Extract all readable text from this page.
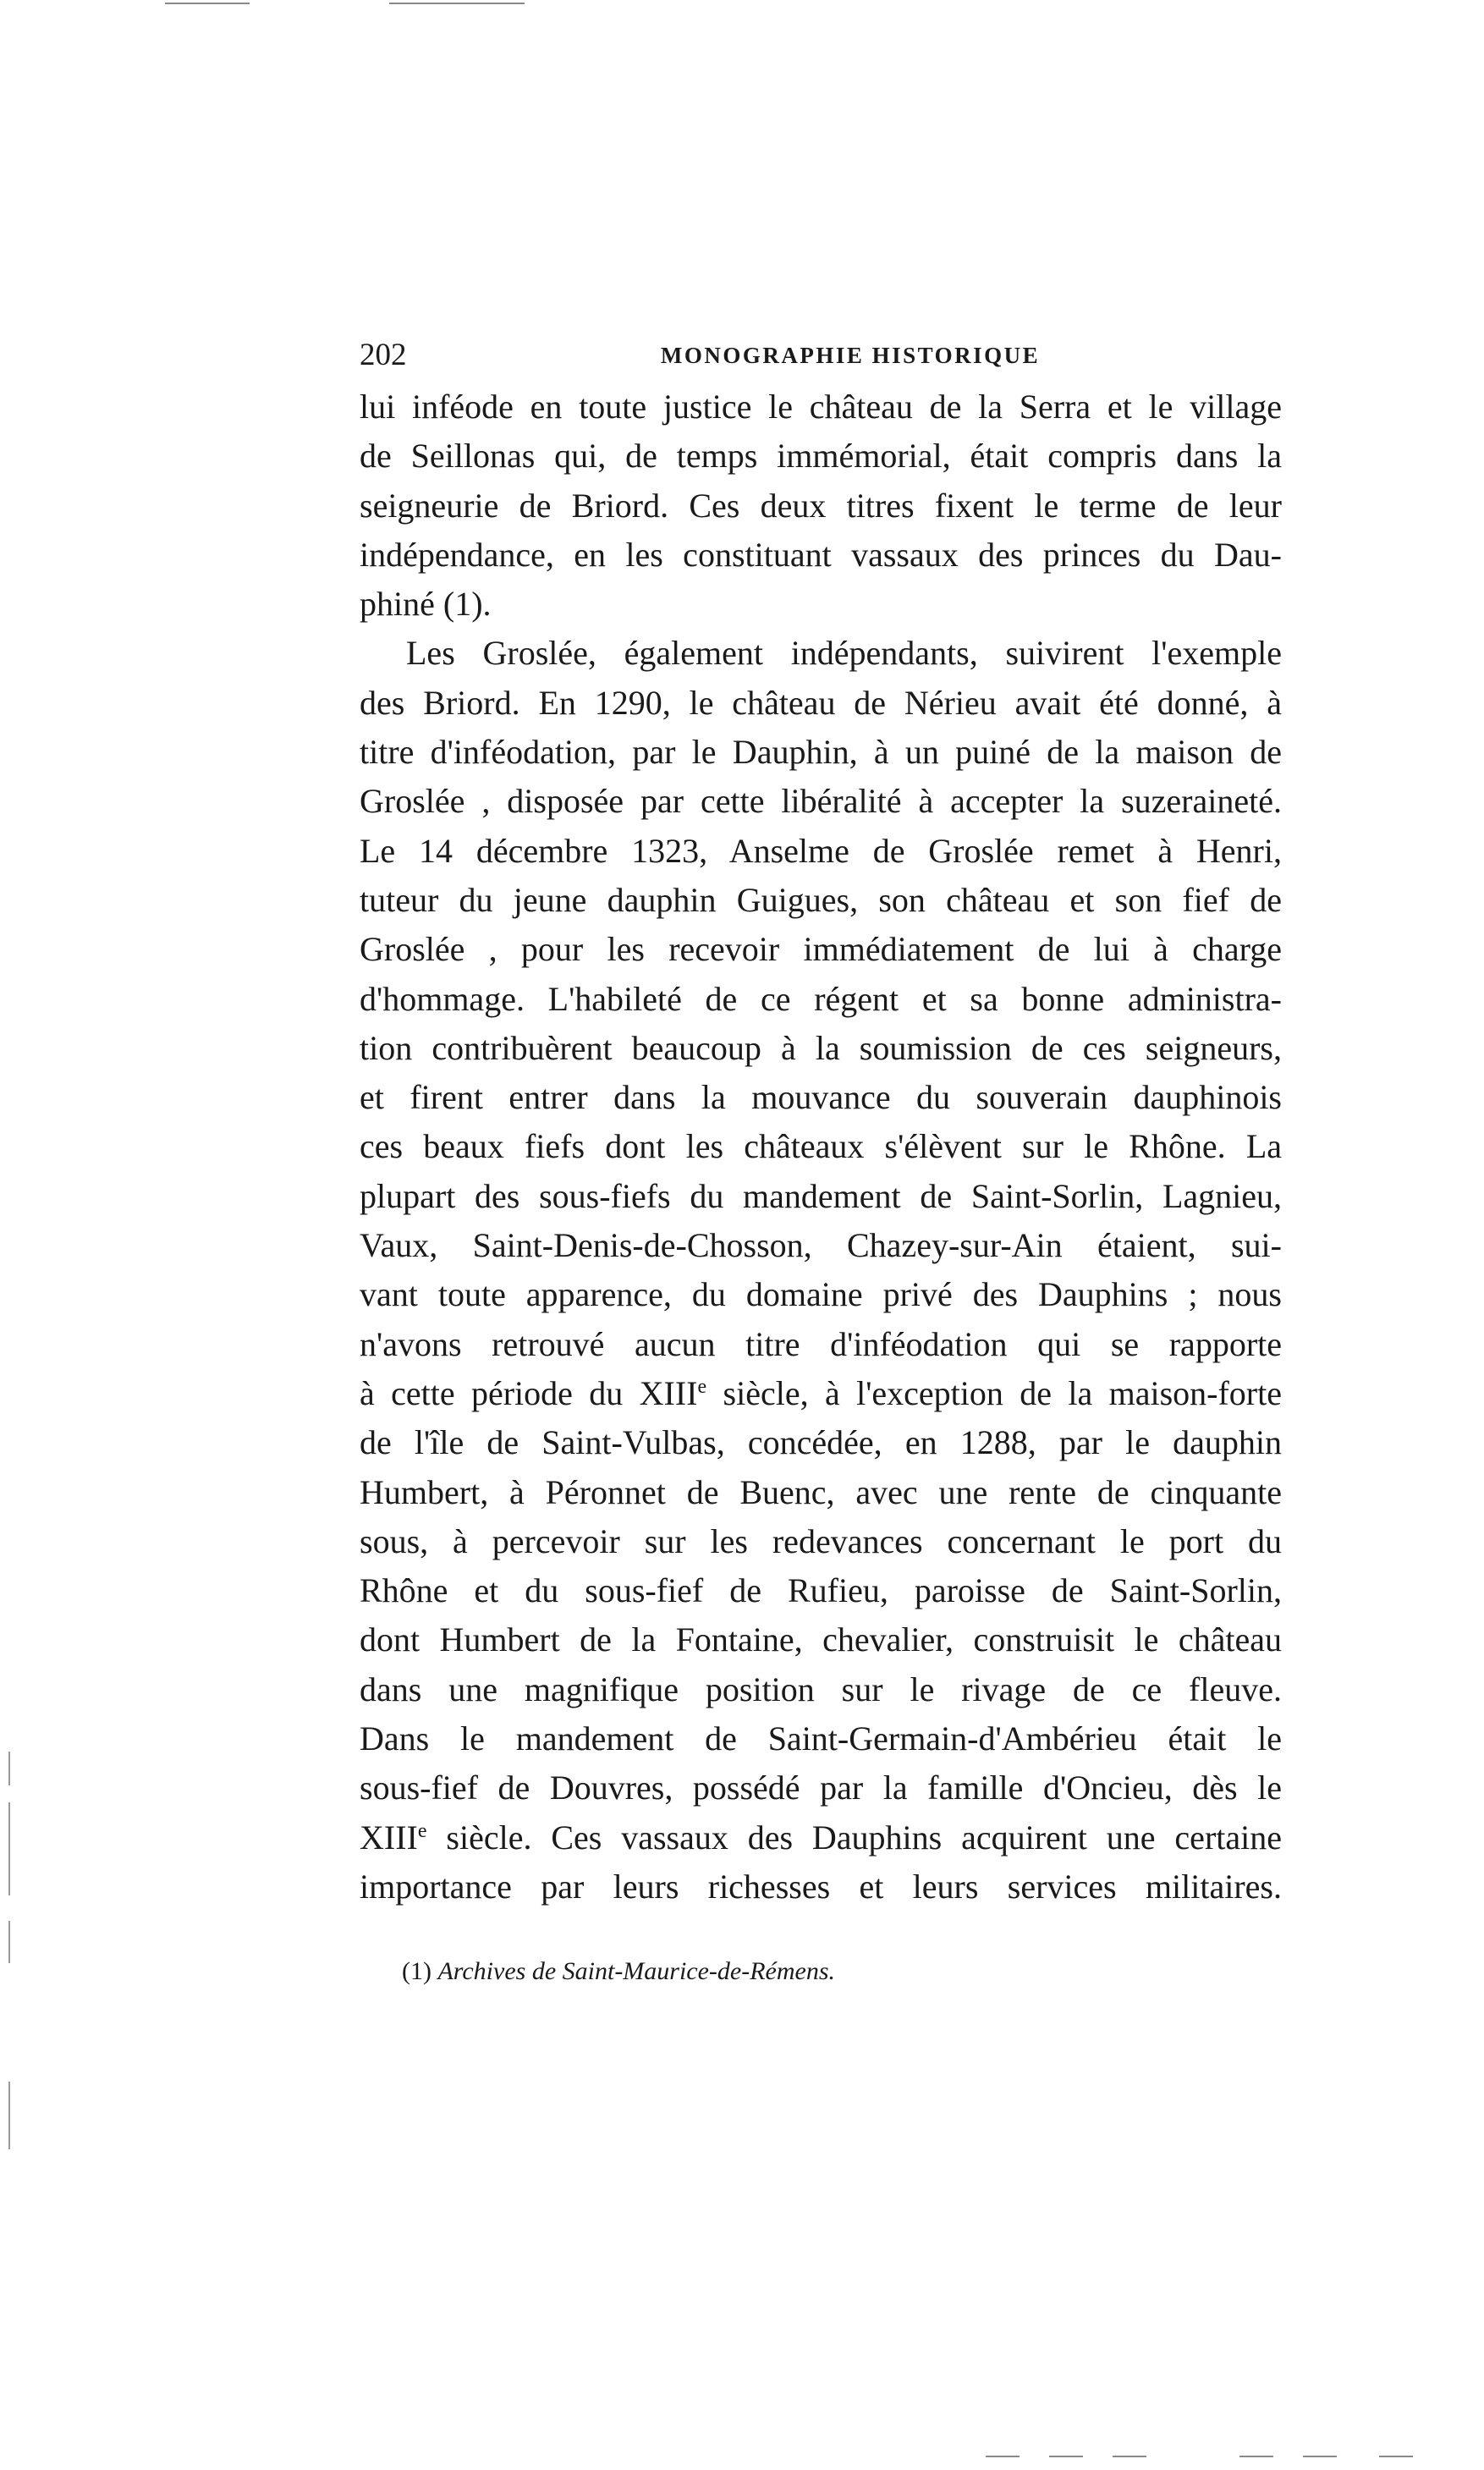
202	MONOGRAPHIE HISTORIQUE
lui inféode en toute justice le château de la Serra et le village
de Seillonas qui, de temps immémorial, était compris dans la
seigneurie de Briord. Ces deux titres fixent le terme de leur
indépendance, en les constituant vassaux des princes du Dau-
phiné (1).
Les Groslée, également indépendants, suivirent l'exemple
des Briord. En 1290, le château de Nérieu avait été donné, à
titre d'inféodation, par le Dauphin, à un puiné de la maison de
Groslée , disposée par cette libéralité à accepter la suzeraineté.
Le 14 décembre 1323, Anselme de Groslée remet à Henri,
tuteur du jeune dauphin Guigues, son château et son fief de
Groslée , pour les recevoir immédiatement de lui à charge
d'hommage. L'habileté de ce régent et sa bonne administra-
tion contribuèrent beaucoup à la soumission de ces seigneurs,
et firent entrer dans la mouvance du souverain dauphinois
ces beaux fiefs dont les châteaux s'élèvent sur le Rhône. La
plupart des sous-fiefs du mandement de Saint-Sorlin, Lagnieu,
Vaux, Saint-Denis-de-Chosson, Chazey-sur-Ain étaient, sui-
vant toute apparence, du domaine privé des Dauphins ; nous
n'avons retrouvé aucun titre d'inféodation qui se rapporte
à cette période du XIIIe siècle, à l'exception de la maison-forte
de l'île de Saint-Vulbas, concédée, en 1288, par le dauphin
Humbert, à Péronnet de Buenc, avec une rente de cinquante
sous, à percevoir sur les redevances concernant le port du
Rhône et du sous-fief de Rufieu, paroisse de Saint-Sorlin,
dont Humbert de la Fontaine, chevalier, construisit le château
dans une magnifique position sur le rivage de ce fleuve.
Dans le mandement de Saint-Germain-d'Ambérieu était le
sous-fief de Douvres, possédé par la famille d'Oncieu, dès le
XIIIe siècle. Ces vassaux des Dauphins acquirent une certaine
importance par leurs richesses et leurs services militaires.
(1) Archives de Saint-Maurice-de-Rémens.
